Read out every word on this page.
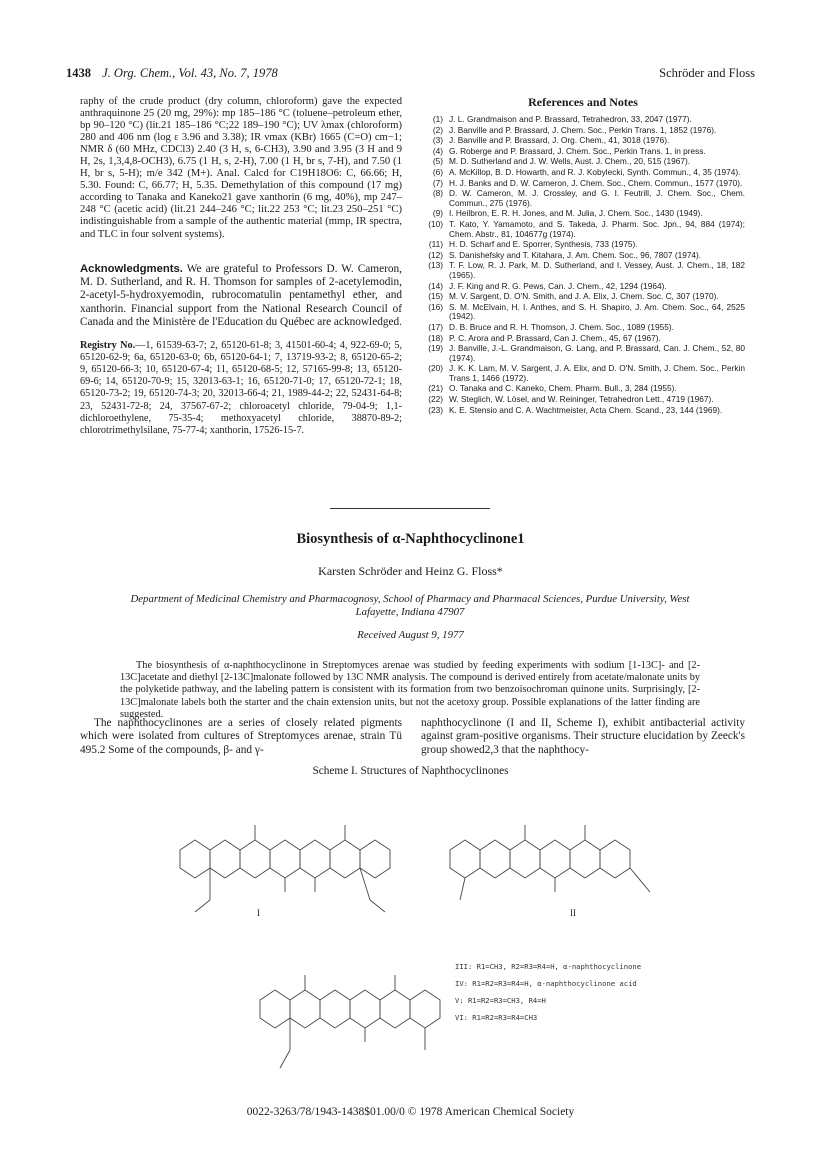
1438 J. Org. Chem., Vol. 43, No. 7, 1978	Schröder and Floss

raphy of the crude product (dry column, chloroform) gave the expected anthraquinone 25 (20 mg, 29%): mp 185–186 °C (toluene–petroleum ether, bp 90–120 °C) (lit.21 185–186 °C;22 189–190 °C); UV λmax (chloroform) 280 and 406 nm (log ε 3.96 and 3.38); IR νmax (KBr) 1665 (C=O) cm−1; NMR δ (60 MHz, CDCl3) 2.40 (3 H, s, 6-CH3), 3.90 and 3.95 (3 H and 9 H, 2s, 1,3,4,8-OCH3), 6.75 (1 H, s, 2-H), 7.00 (1 H, br s, 7-H), and 7.50 (1 H, br s, 5-H); m/e 342 (M+). Anal. Calcd for C19H18O6: C, 66.66; H, 5.30. Found: C, 66.77; H, 5.35. Demethylation of this compound (17 mg) according to Tanaka and Kaneko21 gave xanthorin (6 mg, 40%), mp 247–248 °C (acetic acid) (lit.21 244–246 °C; lit.22 253 °C; lit.23 250–251 °C) indistinguishable from a sample of the authentic material (mmp, IR spectra, and TLC in four solvent systems).

Acknowledgments. We are grateful to Professors D. W. Cameron, M. D. Sutherland, and R. H. Thomson for samples of 2-acetylemodin, 2-acetyl-5-hydroxyemodin, rubrocomatulin pentamethyl ether, and xanthorin. Financial support from the National Research Council of Canada and the Ministère de l'Education du Québec are acknowledged.

Registry No.—1, 61539-63-7; 2, 65120-61-8; 3, 41501-60-4; 4, 922-69-0; 5, 65120-62-9; 6a, 65120-63-0; 6b, 65120-64-1; 7, 13719-93-2; 8, 65120-65-2; 9, 65120-66-3; 10, 65120-67-4; 11, 65120-68-5; 12, 57165-99-8; 13, 65120-69-6; 14, 65120-70-9; 15, 32013-63-1; 16, 65120-71-0; 17, 65120-72-1; 18, 65120-73-2; 19, 65120-74-3; 20, 32013-66-4; 21, 1989-44-2; 22, 52431-64-8; 23, 52431-72-8; 24, 37567-67-2; chloroacetyl chloride, 79-04-9; 1,1-dichloroethylene, 75-35-4; methoxyacetyl chloride, 38870-89-2; chlorotrimethylsilane, 75-77-4; xanthorin, 17526-15-7.

References and Notes
(1) J. L. Grandmaison and P. Brassard, Tetrahedron, 33, 2047 (1977).
(2) J. Banville and P. Brassard, J. Chem. Soc., Perkin Trans. 1, 1852 (1976).
(3) J. Banville and P. Brassard, J. Org. Chem., 41, 3018 (1976).
(4) G. Roberge and P. Brassard, J. Chem. Soc., Perkin Trans. 1, in press.
(5) M. D. Sutherland and J. W. Wells, Aust. J. Chem., 20, 515 (1967).
(6) A. McKillop, B. D. Howarth, and R. J. Kobylecki, Synth. Commun., 4, 35 (1974).
(7) H. J. Banks and D. W. Cameron, J. Chem. Soc., Chem. Commun., 1577 (1970).
(8) D. W. Cameron, M. J. Crossley, and G. I. Feutrill, J. Chem. Soc., Chem. Commun., 275 (1976).
(9) I. Heilbron, E. R. H. Jones, and M. Julia, J. Chem. Soc., 1430 (1949).
(10) T. Kato, Y. Yamamoto, and S. Takeda, J. Pharm. Soc. Jpn., 94, 884 (1974); Chem. Abstr., 81, 104677g (1974).
(11) H. D. Scharf and E. Sporrer, Synthesis, 733 (1975).
(12) S. Danishefsky and T. Kitahara, J. Am. Chem. Soc., 96, 7807 (1974).
(13) T. F. Low, R. J. Park, M. D. Sutherland, and I. Vessey, Aust. J. Chem., 18, 182 (1965).
(14) J. F. King and R. G. Pews, Can. J. Chem., 42, 1294 (1964).
(15) M. V. Sargent, D. O'N. Smith, and J. A. Elix, J. Chem. Soc. C, 307 (1970).
(16) S. M. McElvain, H. I. Anthes, and S. H. Shapiro, J. Am. Chem. Soc., 64, 2525 (1942).
(17) D. B. Bruce and R. H. Thomson, J. Chem. Soc., 1089 (1955).
(18) P. C. Arora and P. Brassard, Can J. Chem., 45, 67 (1967).
(19) J. Banville, J.-L. Grandmaison, G. Lang, and P. Brassard, Can. J. Chem., 52, 80 (1974).
(20) J. K. K. Lam, M. V. Sargent, J. A. Elix, and D. O'N. Smith, J. Chem. Soc., Perkin Trans 1, 1466 (1972).
(21) O. Tanaka and C. Kaneko, Chem. Pharm. Bull., 3, 284 (1955).
(22) W. Steglich, W. Lösel, and W. Reininger, Tetrahedron Lett., 4719 (1967).
(23) K. E. Stensio and C. A. Wachtmeister, Acta Chem. Scand., 23, 144 (1969).
Biosynthesis of α-Naphthocyclinone1
Karsten Schröder and Heinz G. Floss*
Department of Medicinal Chemistry and Pharmacognosy, School of Pharmacy and Pharmacal Sciences, Purdue University, West Lafayette, Indiana 47907
Received August 9, 1977
The biosynthesis of α-naphthocyclinone in Streptomyces arenae was studied by feeding experiments with sodium [1-13C]- and [2-13C]acetate and diethyl [2-13C]malonate followed by 13C NMR analysis. The compound is derived entirely from acetate/malonate units by the polyketide pathway, and the labeling pattern is consistent with its formation from two benzoisochroman quinone units. Surprisingly, [2-13C]malonate labels both the starter and the chain extension units, but not the acetoxy group. Possible explanations of the latter finding are suggested.
The naphthocyclinones are a series of closely related pigments which were isolated from cultures of Streptomyces arenae, strain Tü 495.2 Some of the compounds, β- and γ-
naphthocyclinone (I and II, Scheme I), exhibit antibacterial activity against gram-positive organisms. Their structure elucidation by Zeeck's group showed2,3 that the naphthocy-
Scheme I. Structures of Naphthocyclinones
I	II
III: R1=CH3, R2=R3=R4=H, α-naphthocyclinone
IV: R1=R2=R3=R4=H, α-naphthocyclinone acid
V: R1=R2=R3=CH3, R4=H
VI: R1=R2=R3=R4=CH3
0022-3263/78/1943-1438$01.00/0 © 1978 American Chemical Society
